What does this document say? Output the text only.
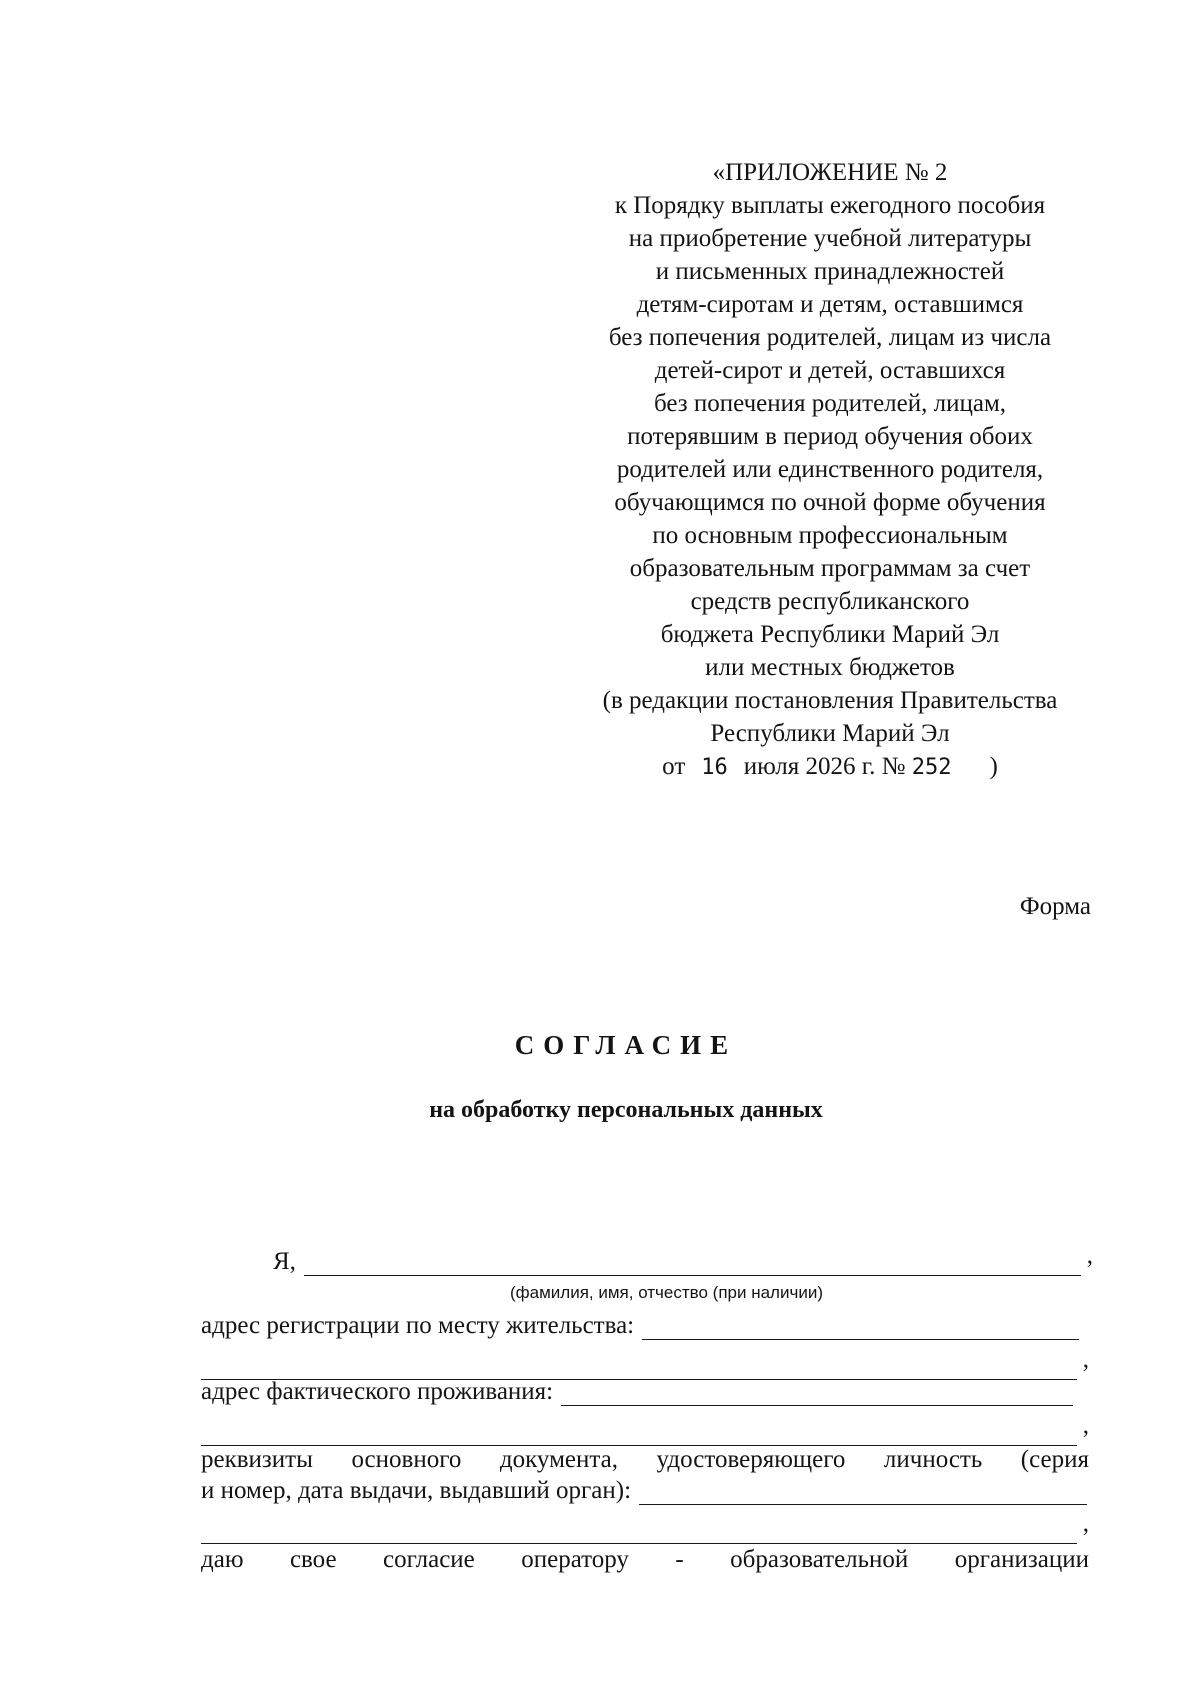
«ПРИЛОЖЕНИЕ № 2
к Порядку выплаты ежегодного пособия
на приобретение учебной литературы
и письменных принадлежностей
детям-сиротам и детям, оставшимся
без попечения родителей, лицам из числа
детей-сирот и детей, оставшихся
без попечения родителей, лицам,
потерявшим в период обучения обоих
родителей или единственного родителя,
обучающимся по очной форме обучения
по основным профессиональным
образовательным программам за счет
средств республиканского
бюджета Республики Марий Эл
или местных бюджетов
(в редакции постановления Правительства
Республики Марий Эл
от 16 июля 2026 г. № 252 )
Форма
СОГЛАСИЕ
на обработку персональных данных
Я,	,
(фамилия, имя, отчество (при наличии)
адрес регистрации по месту жительства:
,
адрес фактического проживания:
,
реквизиты основного документа, удостоверяющего личность (серия
и номер, дата выдачи, выдавший орган):
,
даю свое согласие оператору - образовательной организации
